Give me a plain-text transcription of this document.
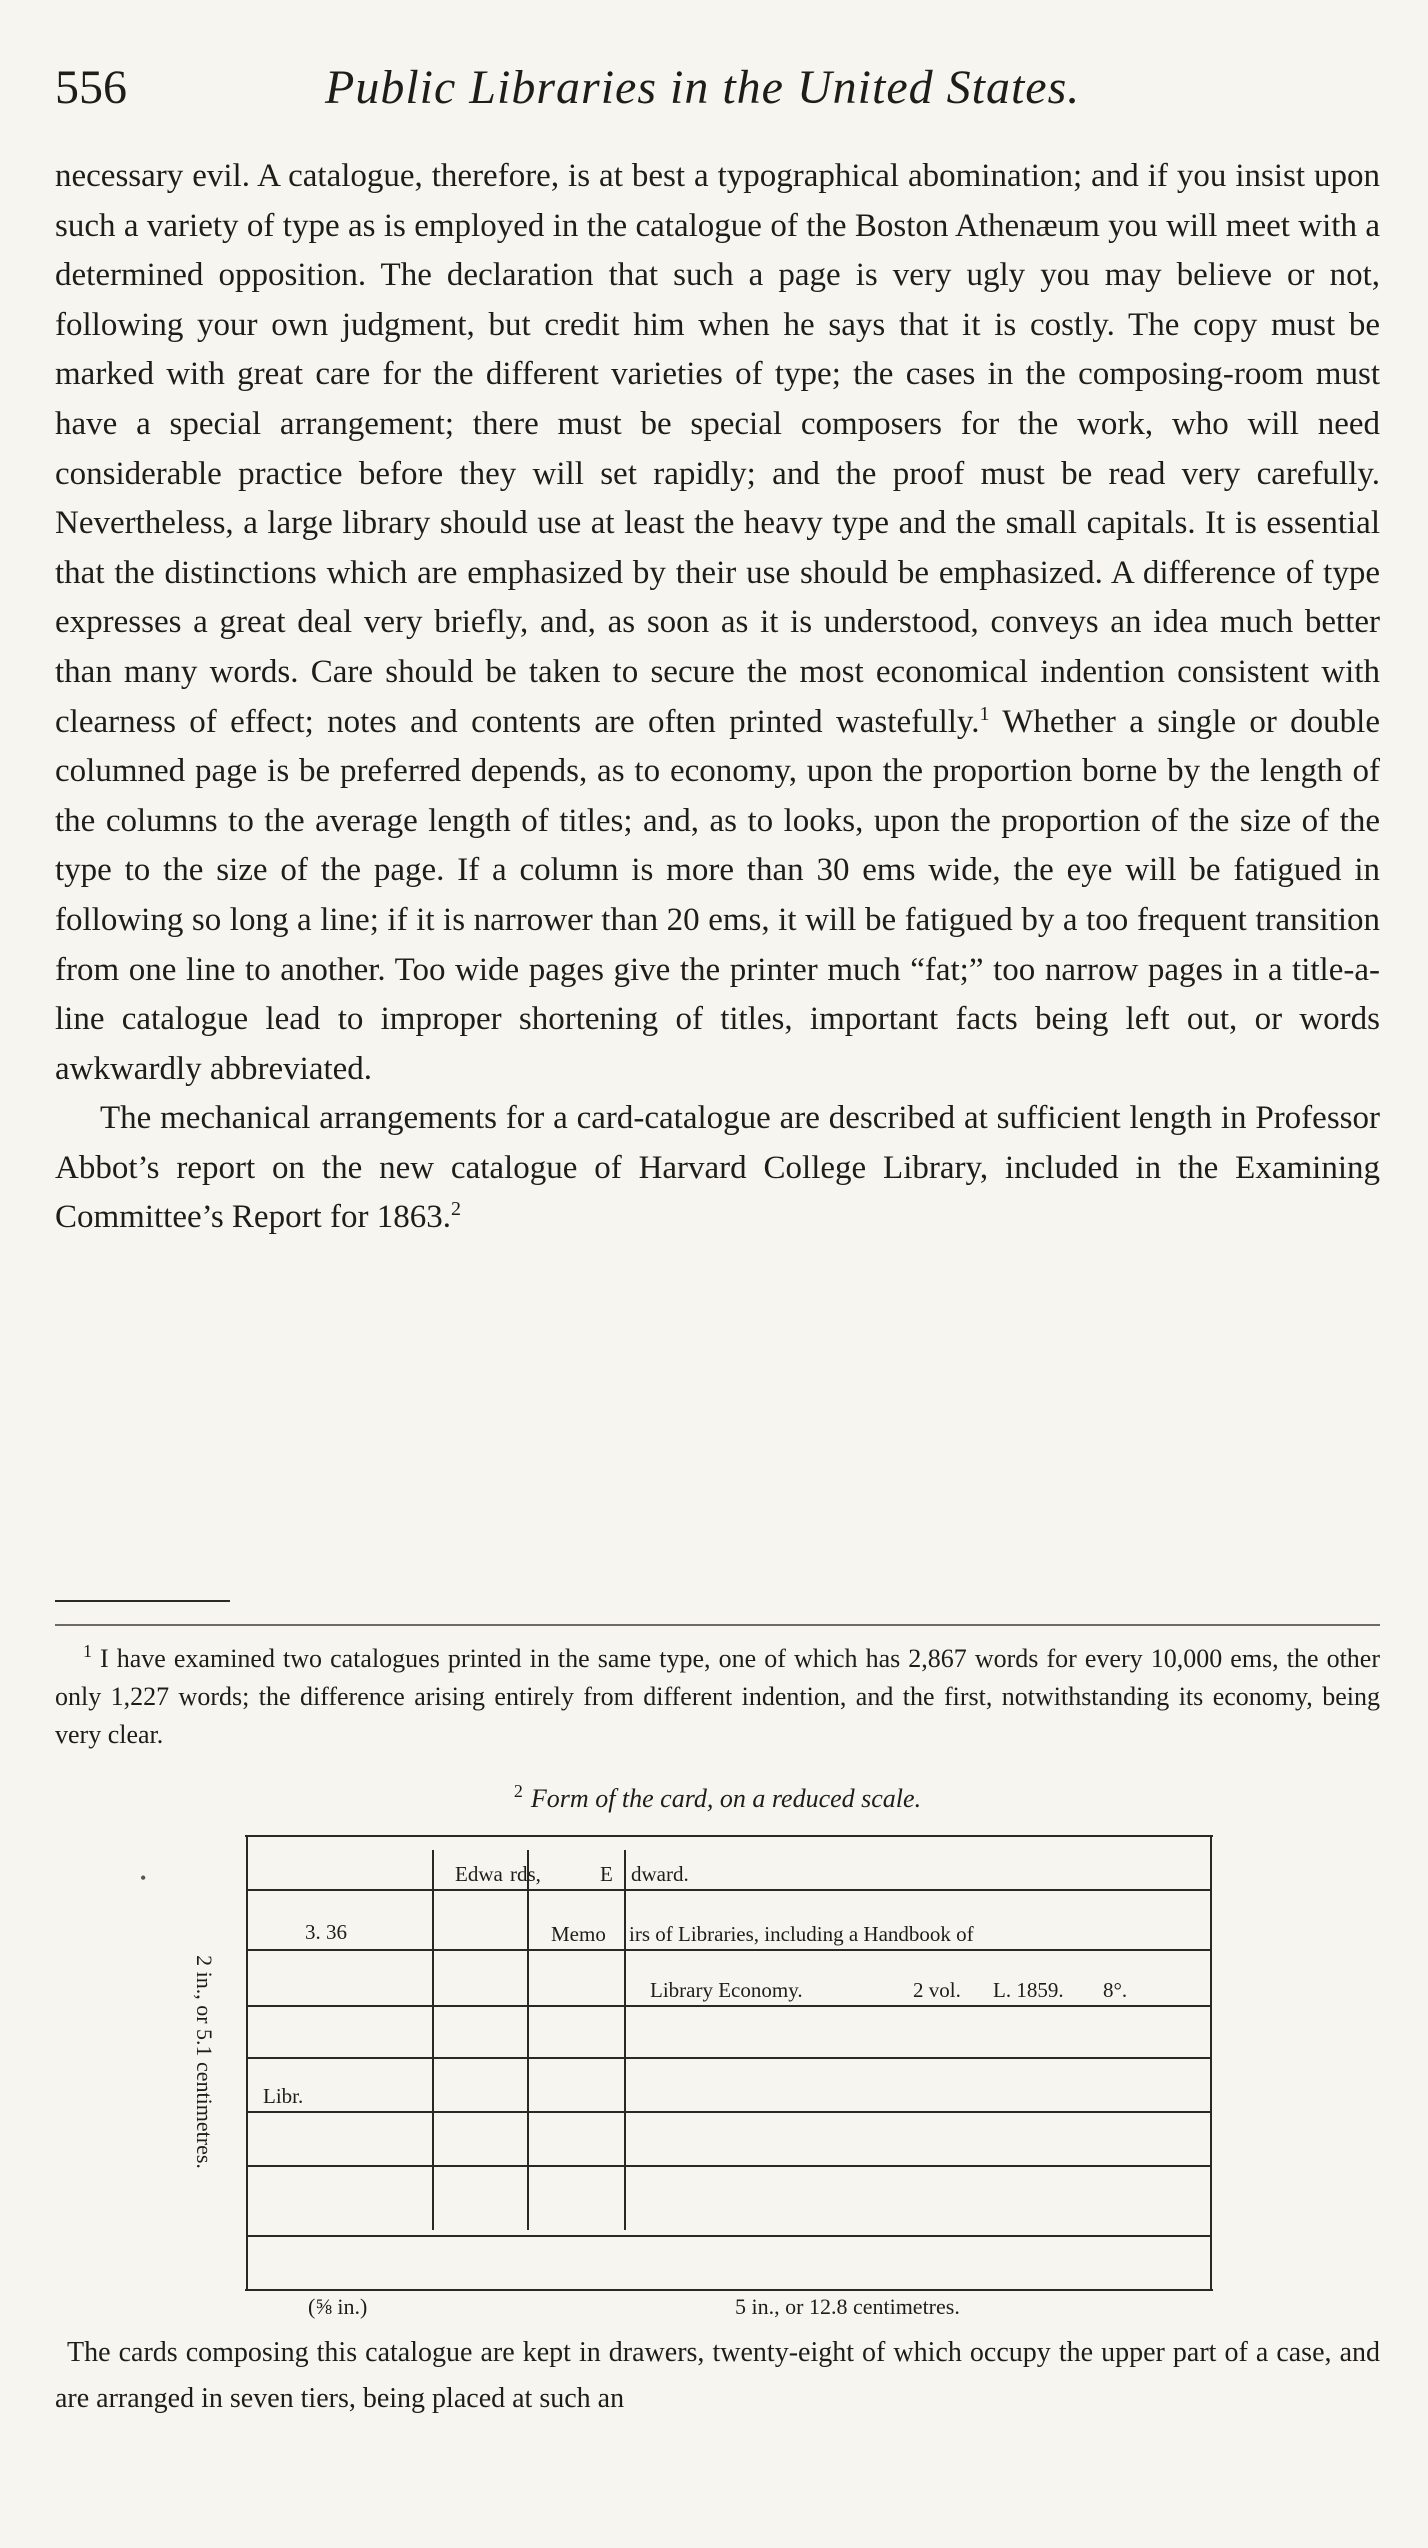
556	Public Libraries in the United States.

necessary evil. A catalogue, therefore, is at best a typographical abomination; and if you insist upon such a variety of type as is employed in the catalogue of the Boston Athenæum you will meet with a determined opposition. The declaration that such a page is very ugly you may believe or not, following your own judgment, but credit him when he says that it is costly. The copy must be marked with great care for the different varieties of type; the cases in the composing-room must have a special arrangement; there must be special composers for the work, who will need considerable practice before they will set rapidly; and the proof must be read very carefully. Nevertheless, a large library should use at least the heavy type and the small capitals. It is essential that the distinctions which are emphasized by their use should be emphasized. A difference of type expresses a great deal very briefly, and, as soon as it is understood, conveys an idea much better than many words. Care should be taken to secure the most economical indention consistent with clearness of effect; notes and contents are often printed wastefully.$^1$ Whether a single or double columned page is be preferred depends, as to economy, upon the proportion borne by the length of the columns to the average length of titles; and, as to looks, upon the proportion of the size of the type to the size of the page. If a column is more than 30 ems wide, the eye will be fatigued in following so long a line; if it is narrower than 20 ems, it will be fatigued by a too frequent transition from one line to another. Too wide pages give the printer much “fat;” too narrow pages in a title-a-line catalogue lead to improper shortening of titles, important facts being left out, or words awkwardly abbreviated.

The mechanical arrangements for a card-catalogue are described at sufficient length in Professor Abbot’s report on the new catalogue of Harvard College Library, included in the Examining Committee’s Report for 1863.$^2$

$^1$ I have examined two catalogues printed in the same type, one of which has 2,867 words for every 10,000 ems, the other only 1,227 words; the difference arising entirely from different indention, and the first, notwithstanding its economy, being very clear.

$^2$ Form of the card, on a reduced scale.
•	Edwa rds,	E dward.
3. 36	Memo irs of Libraries, including a Handbook of
Library Economy.	2 vol. L. 1859. 8°.
Libr.
2 in., or 5.1 centimetres.
(⅝ in.)	5 in., or 12.8 centimetres.

The cards composing this catalogue are kept in drawers, twenty-eight of which occupy the upper part of a case, and are arranged in seven tiers, being placed at such an
